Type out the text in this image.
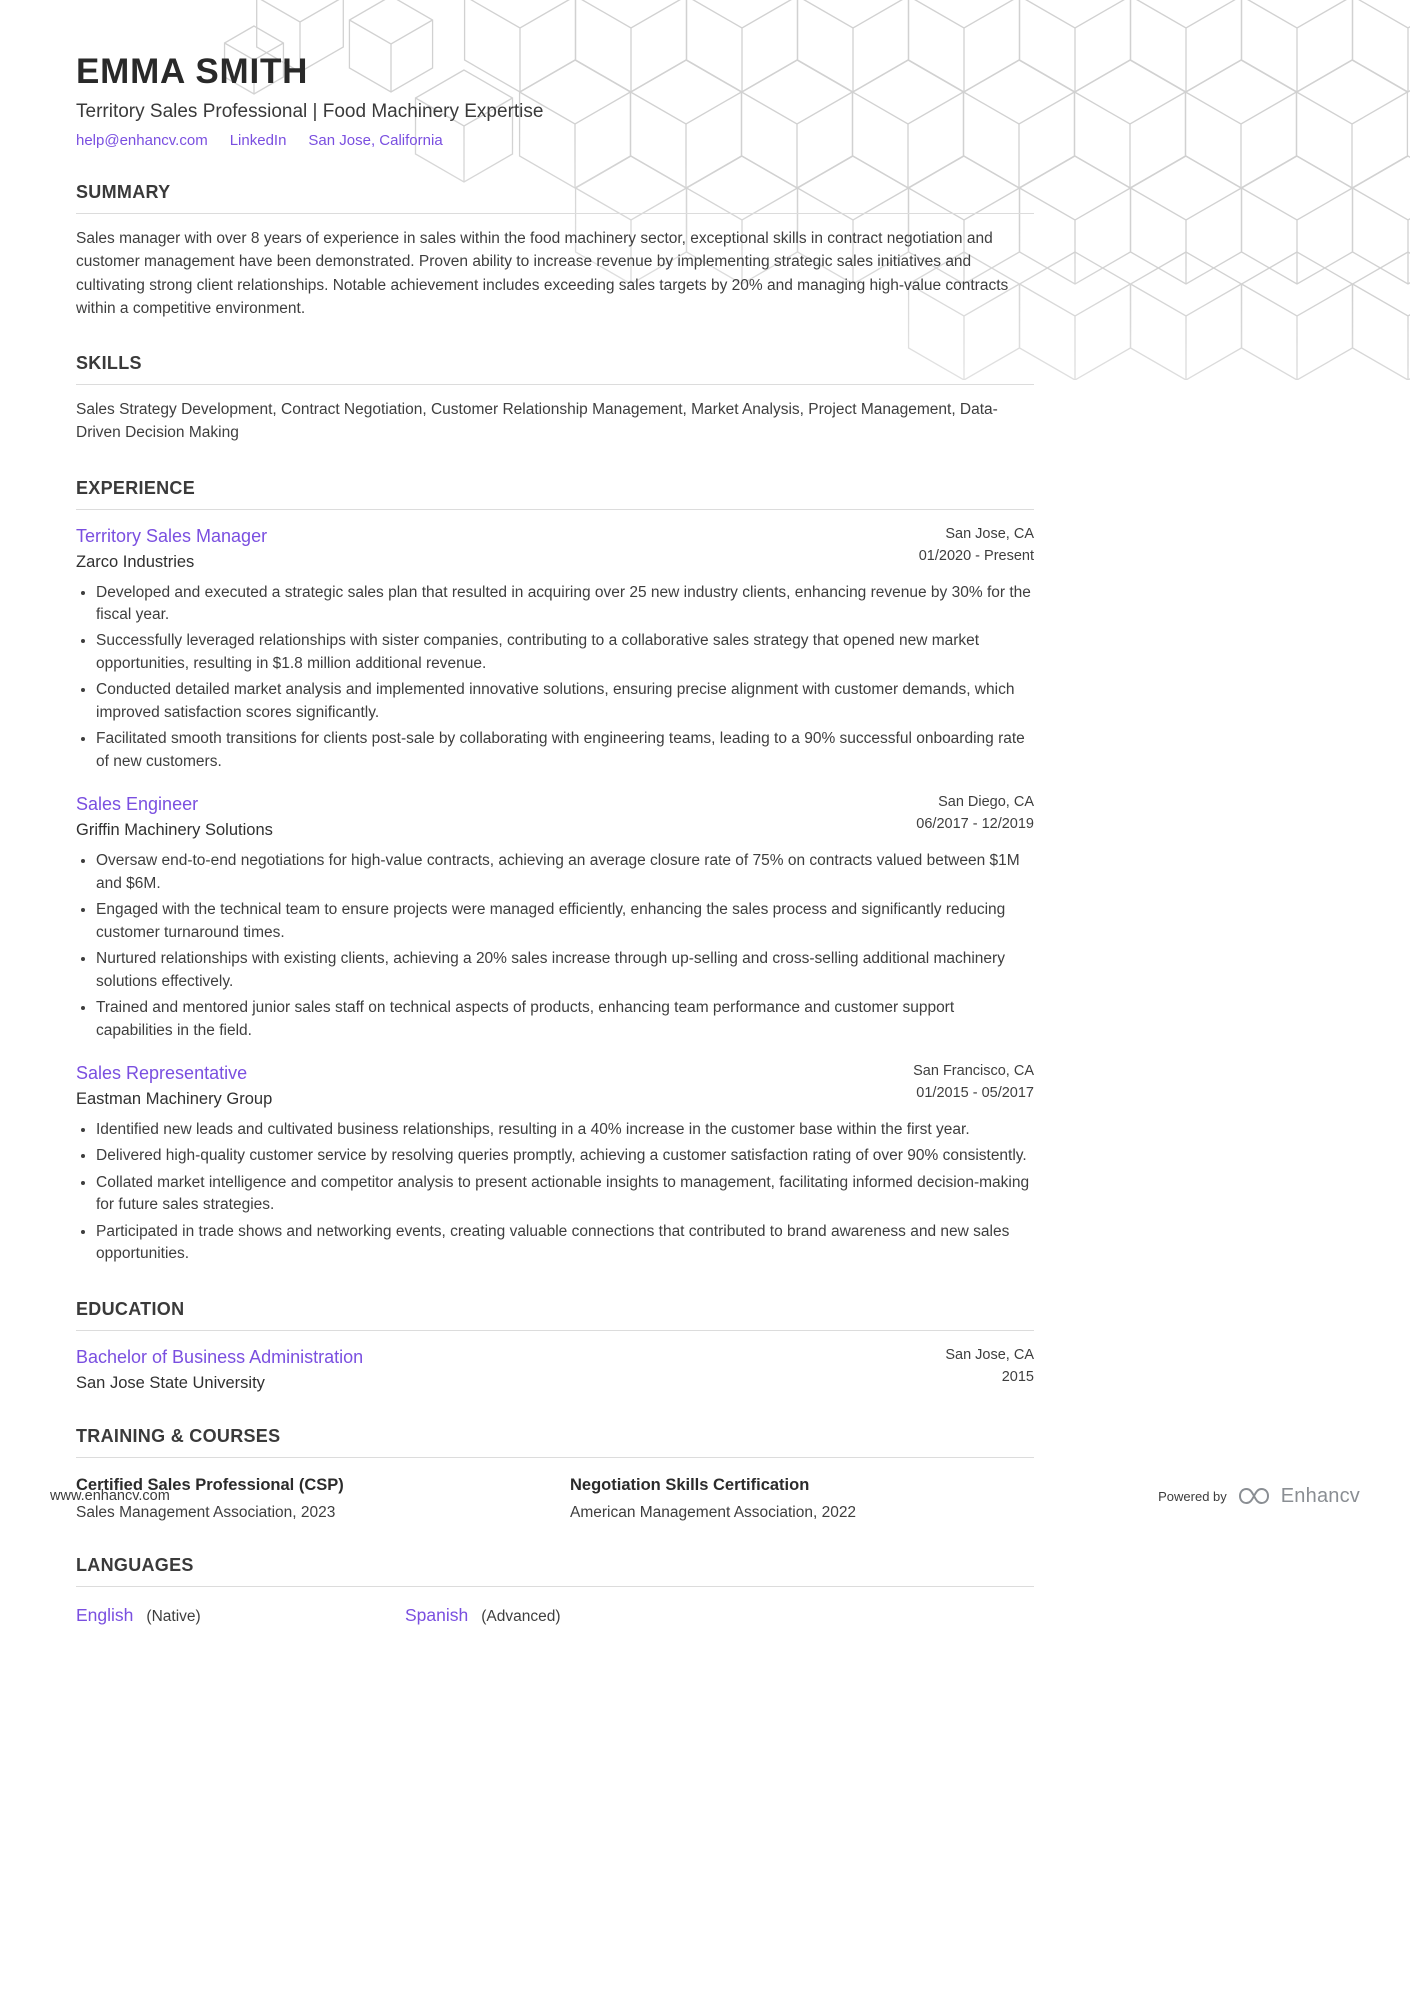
EMMA SMITH
Territory Sales Professional | Food Machinery Expertise
help@enhancv.com LinkedIn San Jose, California
SUMMARY

Sales manager with over 8 years of experience in sales within the food machinery sector, exceptional skills in contract negotiation and customer management have been demonstrated. Proven ability to increase revenue by implementing strategic sales initiatives and cultivating strong client relationships. Notable achievement includes exceeding sales targets by 20% and managing high-value contracts within a competitive environment.

SKILLS

Sales Strategy Development, Contract Negotiation, Customer Relationship Management, Market Analysis, Project Management, Data-Driven Decision Making

EXPERIENCE
Territory Sales Manager
Zarco Industries
San Jose, CA
01/2020 - Present
• Developed and executed a strategic sales plan that resulted in acquiring over 25 new industry clients, enhancing revenue by 30% for the fiscal year.
• Successfully leveraged relationships with sister companies, contributing to a collaborative sales strategy that opened new market opportunities, resulting in $1.8 million additional revenue.
• Conducted detailed market analysis and implemented innovative solutions, ensuring precise alignment with customer demands, which improved satisfaction scores significantly.
• Facilitated smooth transitions for clients post-sale by collaborating with engineering teams, leading to a 90% successful onboarding rate of new customers.
Sales Engineer
Griffin Machinery Solutions
San Diego, CA
06/2017 - 12/2019
• Oversaw end-to-end negotiations for high-value contracts, achieving an average closure rate of 75% on contracts valued between $1M and $6M.
• Engaged with the technical team to ensure projects were managed efficiently, enhancing the sales process and significantly reducing customer turnaround times.
• Nurtured relationships with existing clients, achieving a 20% sales increase through up-selling and cross-selling additional machinery solutions effectively.
• Trained and mentored junior sales staff on technical aspects of products, enhancing team performance and customer support capabilities in the field.
Sales Representative
Eastman Machinery Group
San Francisco, CA
01/2015 - 05/2017
• Identified new leads and cultivated business relationships, resulting in a 40% increase in the customer base within the first year.
• Delivered high-quality customer service by resolving queries promptly, achieving a customer satisfaction rating of over 90% consistently.
• Collated market intelligence and competitor analysis to present actionable insights to management, facilitating informed decision-making for future sales strategies.
• Participated in trade shows and networking events, creating valuable connections that contributed to brand awareness and new sales opportunities.
EDUCATION
Bachelor of Business Administration
San Jose State University
San Jose, CA
2015
TRAINING & COURSES
Certified Sales Professional (CSP)
Sales Management Association, 2023
Negotiation Skills Certification
American Management Association, 2022
LANGUAGES
English (Native)	Spanish (Advanced)
www.enhancv.com	Powered by	Enhancv
